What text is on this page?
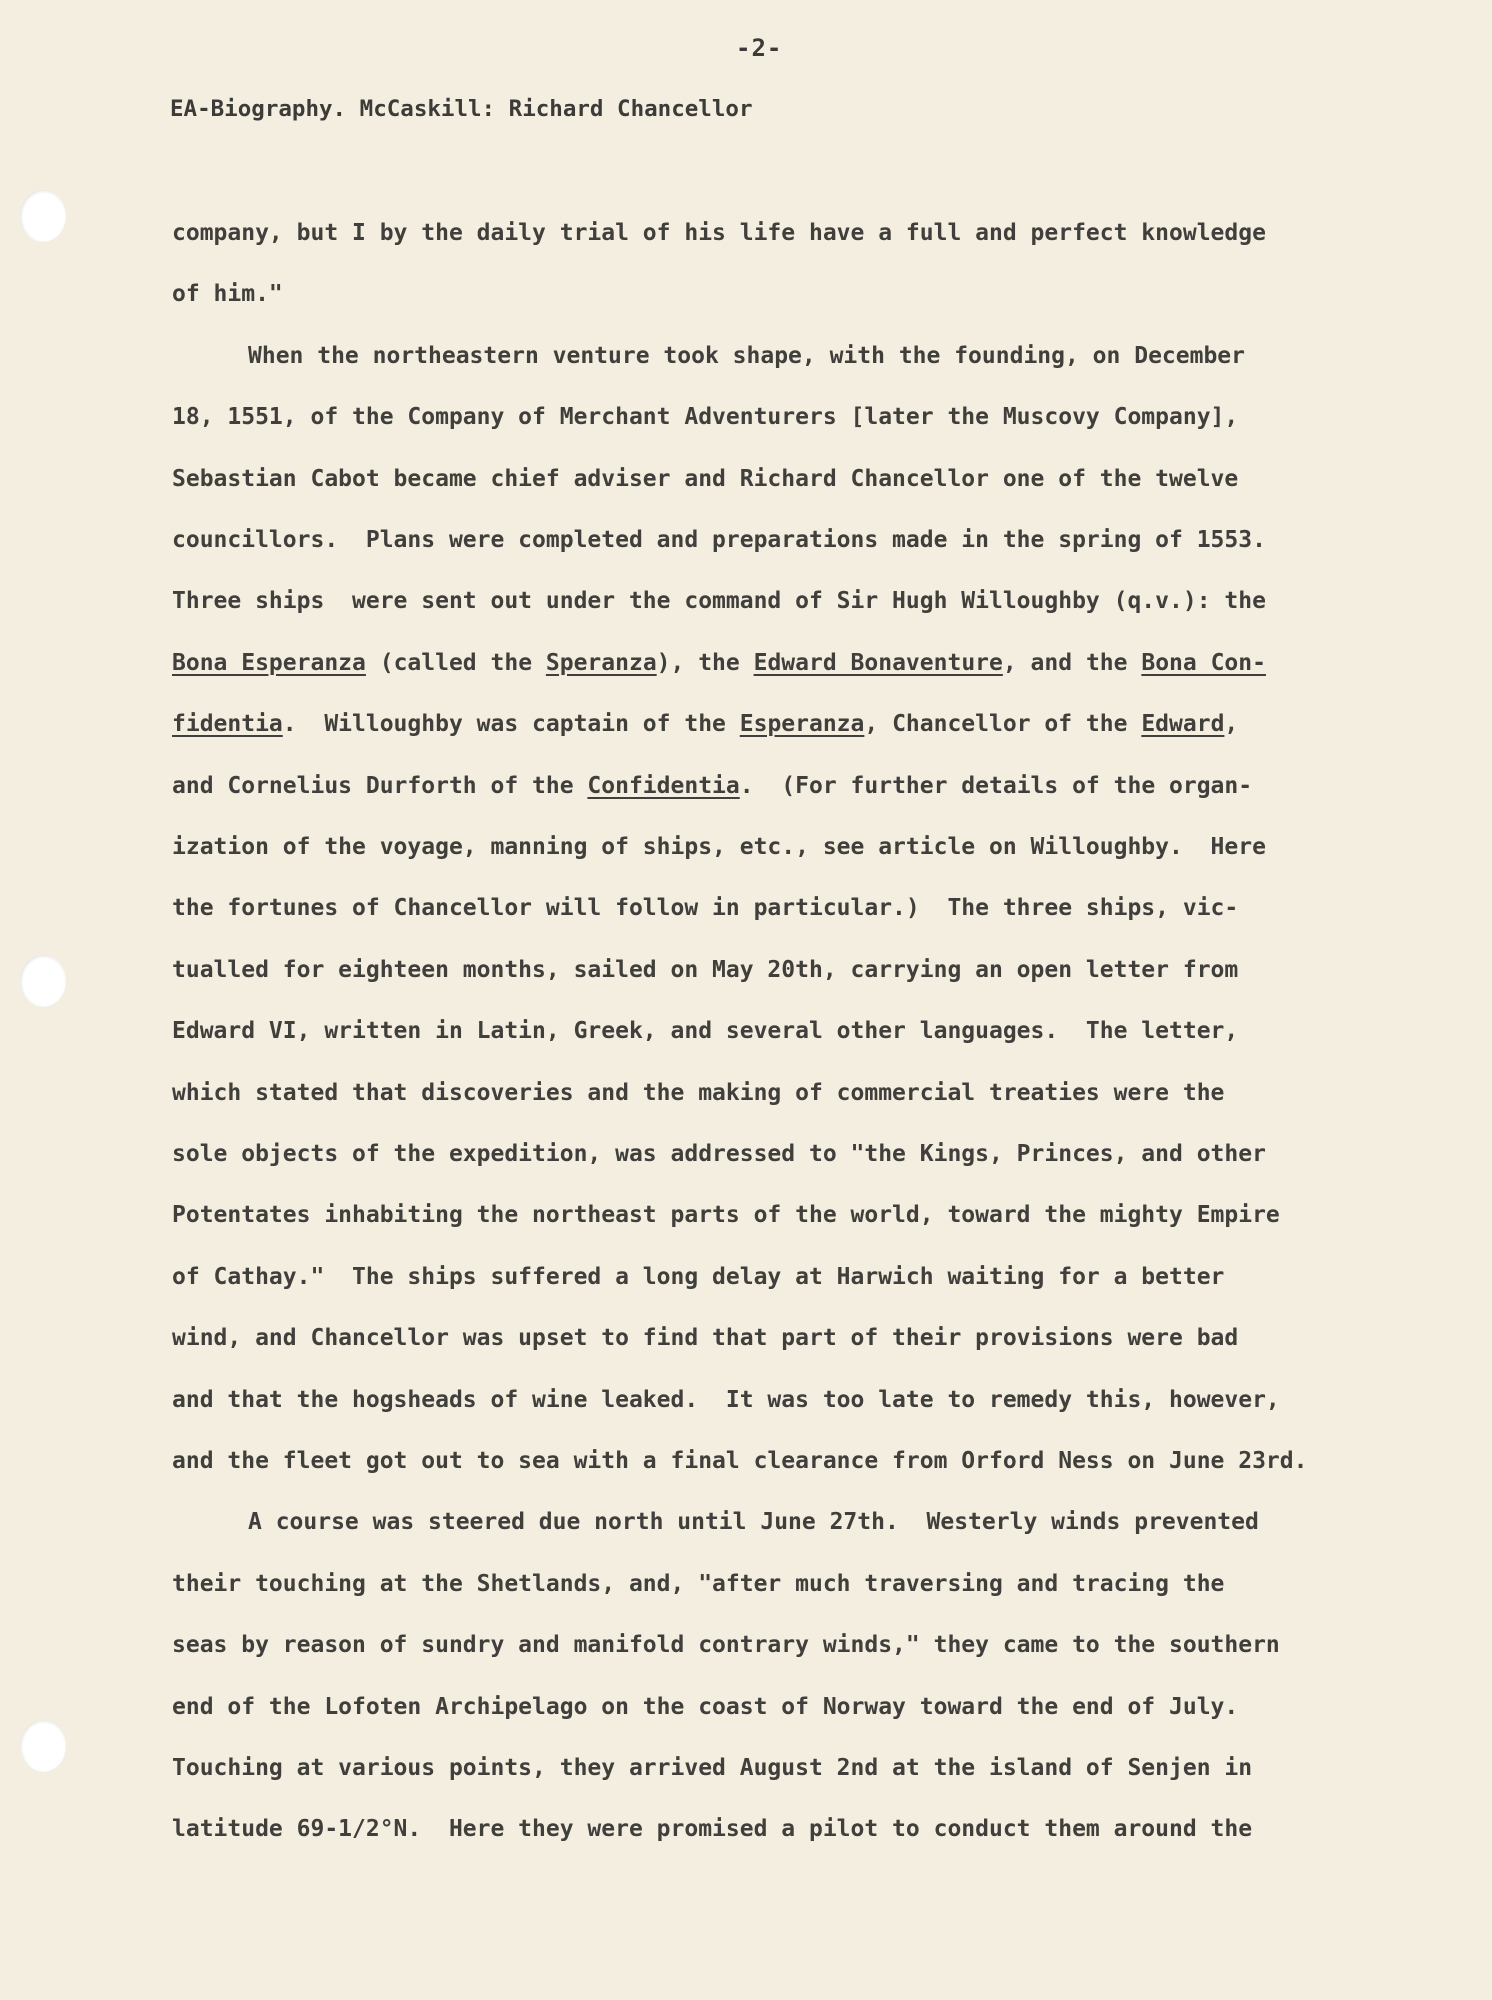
-2-
EA-Biography. McCaskill: Richard Chancellor
company, but I by the daily trial of his life have a full and perfect knowledge
of him."
When the northeastern venture took shape, with the founding, on December
18, 1551, of the Company of Merchant Adventurers [later the Muscovy Company],
Sebastian Cabot became chief adviser and Richard Chancellor one of the twelve
councillors.  Plans were completed and preparations made in the spring of 1553.
Three ships  were sent out under the command of Sir Hugh Willoughby (q.v.): the
Bona Esperanza (called the Speranza), the Edward Bonaventure, and the Bona Con-
fidentia.  Willoughby was captain of the Esperanza, Chancellor of the Edward,
and Cornelius Durforth of the Confidentia.  (For further details of the organ-
ization of the voyage, manning of ships, etc., see article on Willoughby.  Here
the fortunes of Chancellor will follow in particular.)  The three ships, vic-
tualled for eighteen months, sailed on May 20th, carrying an open letter from
Edward VI, written in Latin, Greek, and several other languages.  The letter,
which stated that discoveries and the making of commercial treaties were the
sole objects of the expedition, was addressed to "the Kings, Princes, and other
Potentates inhabiting the northeast parts of the world, toward the mighty Empire
of Cathay."  The ships suffered a long delay at Harwich waiting for a better
wind, and Chancellor was upset to find that part of their provisions were bad
and that the hogsheads of wine leaked.  It was too late to remedy this, however,
and the fleet got out to sea with a final clearance from Orford Ness on June 23rd.
A course was steered due north until June 27th.  Westerly winds prevented
their touching at the Shetlands, and, "after much traversing and tracing the
seas by reason of sundry and manifold contrary winds," they came to the southern
end of the Lofoten Archipelago on the coast of Norway toward the end of July.
Touching at various points, they arrived August 2nd at the island of Senjen in
latitude 69-1/2°N.  Here they were promised a pilot to conduct them around the
